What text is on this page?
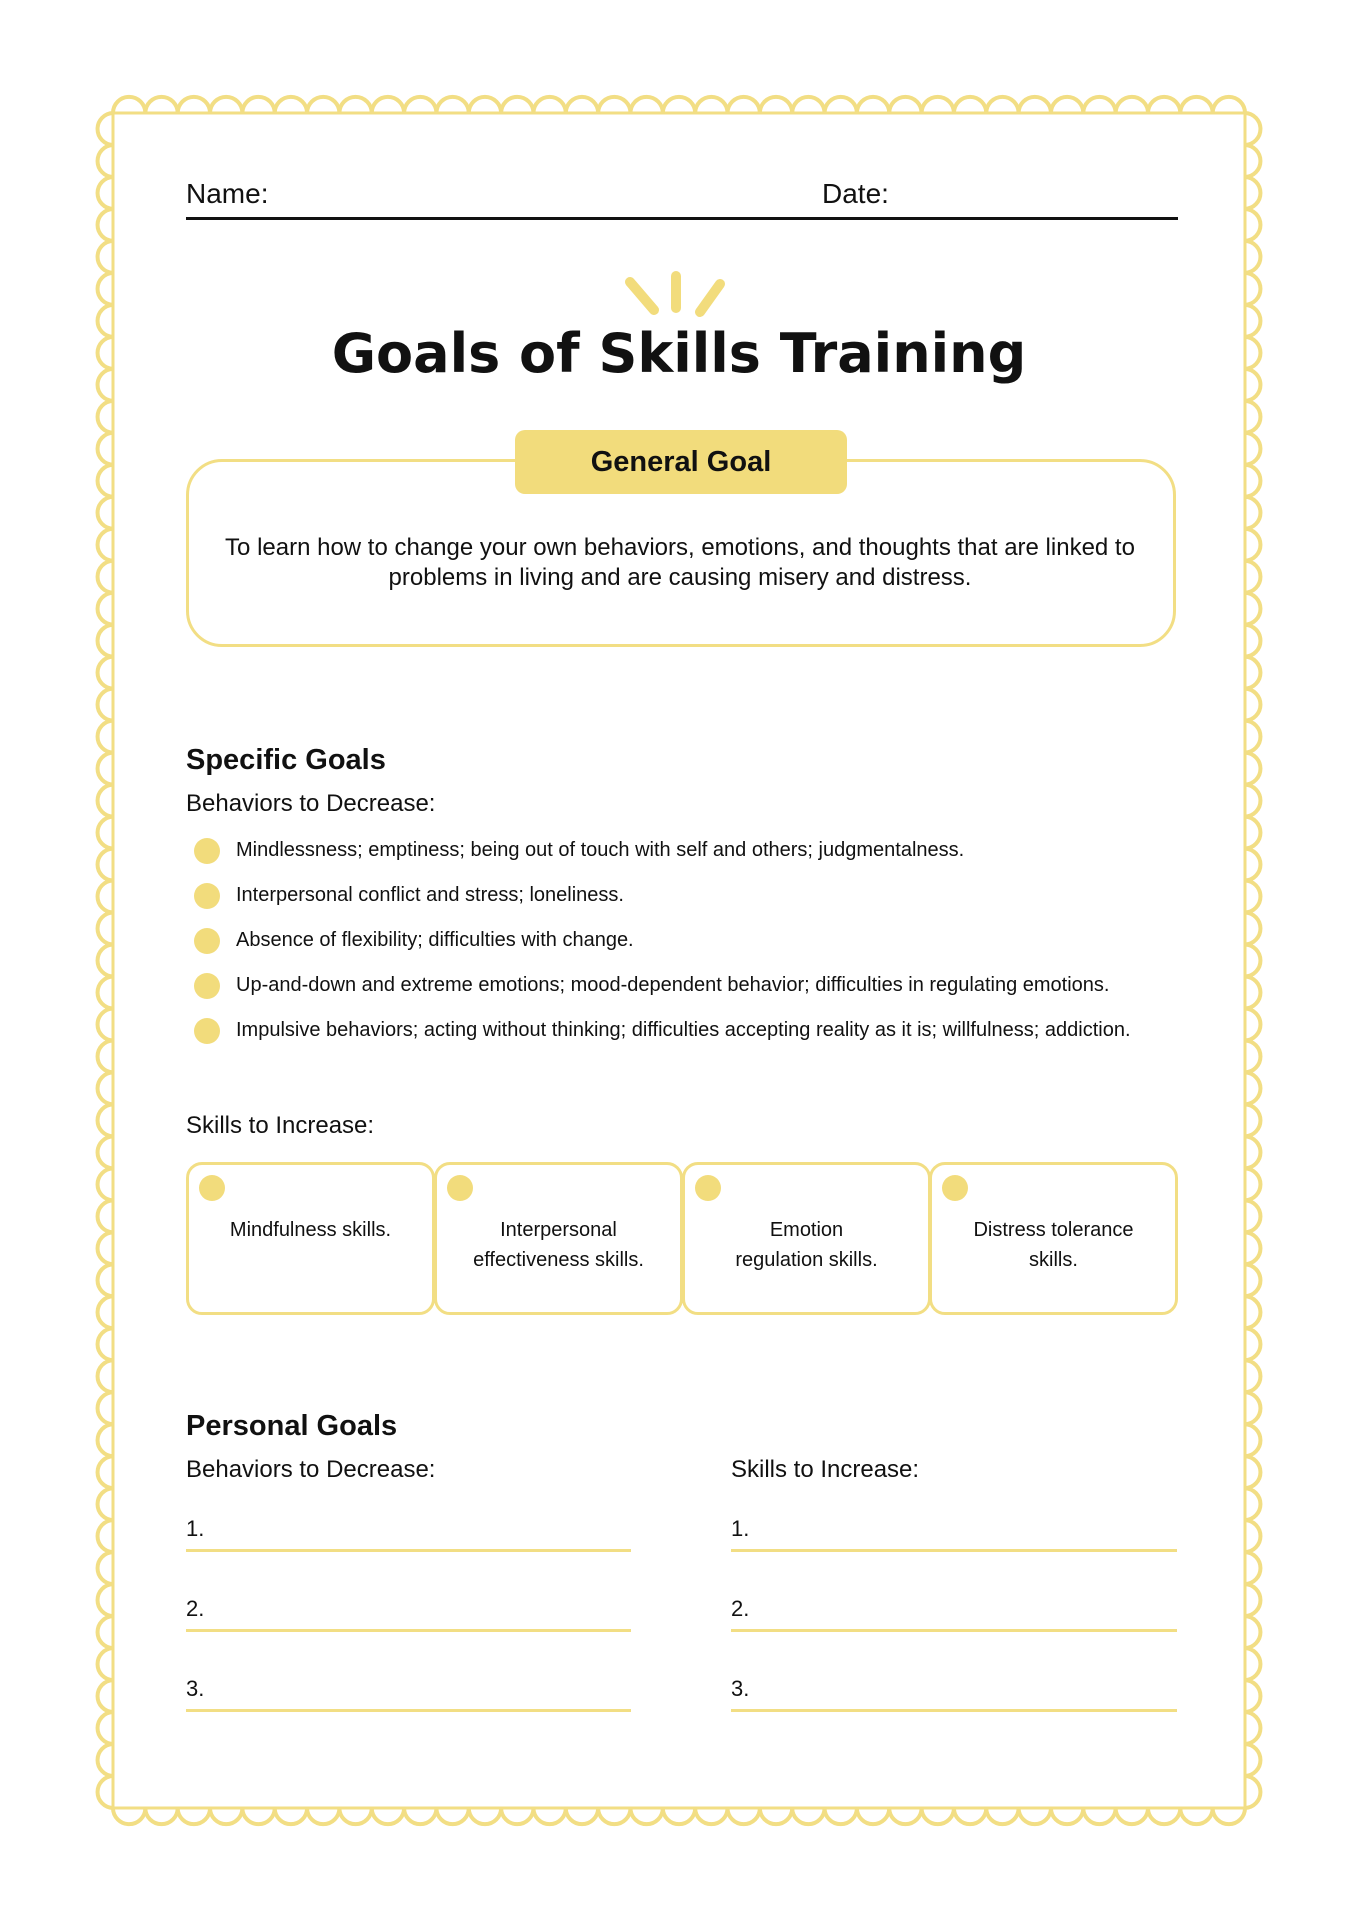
Name:	Date:
Goals of Skills Training
General Goal
To learn how to change your own behaviors, emotions, and thoughts that are linked to problems in living and are causing misery and distress.
Specific Goals
Behaviors to Decrease:
Mindlessness; emptiness; being out of touch with self and others; judgmentalness.
Interpersonal conflict and stress; loneliness.
Absence of flexibility; difficulties with change.
Up-and-down and extreme emotions; mood-dependent behavior; difficulties in regulating emotions.
Impulsive behaviors; acting without thinking; difficulties accepting reality as it is; willfulness; addiction.
Skills to Increase:
Mindfulness skills.	Interpersonal effectiveness skills.
Emotion regulation skills.
Distress tolerance skills.
Personal Goals
Behaviors to Decrease:	Skills to Increase:
1.
2.
3.
1.
2.
3.
